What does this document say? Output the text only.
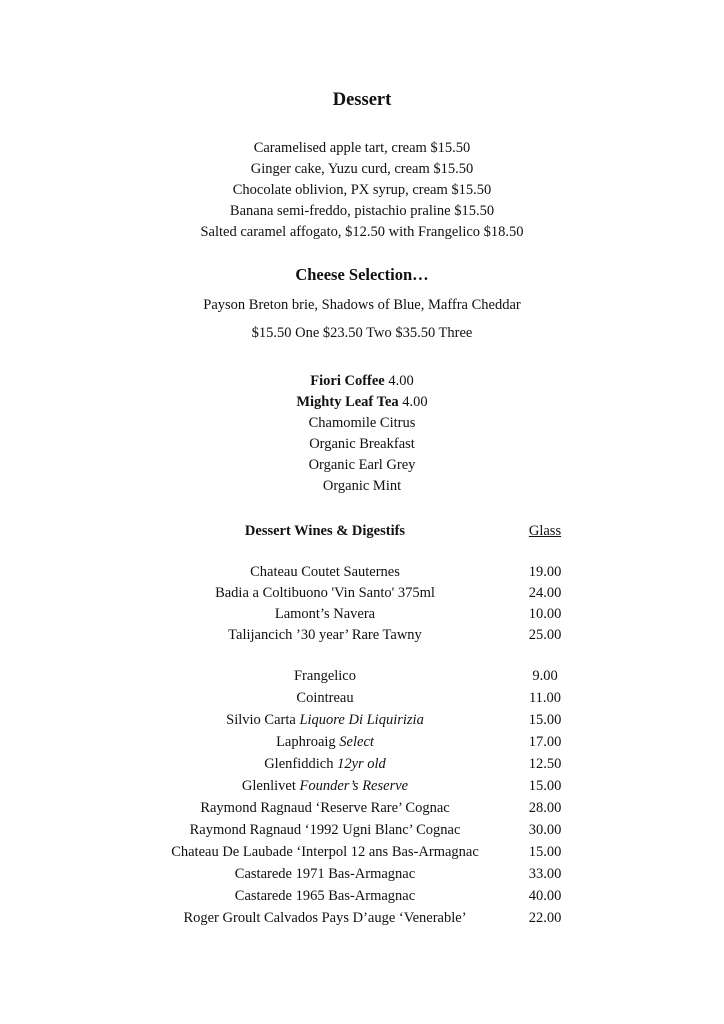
Dessert
Caramelised apple tart, cream $15.50
Ginger cake, Yuzu curd, cream $15.50
Chocolate oblivion, PX syrup, cream $15.50
Banana semi-freddo, pistachio praline $15.50
Salted caramel affogato, $12.50 with Frangelico $18.50
Cheese Selection…
Payson Breton brie, Shadows of Blue, Maffra Cheddar
$15.50 One $23.50 Two $35.50 Three
Fiori Coffee 4.00
Mighty Leaf Tea 4.00
Chamomile Citrus
Organic Breakfast
Organic Earl Grey
Organic Mint
Dessert Wines & Digestifs	Glass
Chateau Coutet Sauternes	19.00
Badia a Coltibuono 'Vin Santo' 375ml	24.00
Lamont’s Navera	10.00
Talijancich ’30 year’ Rare Tawny	25.00
Frangelico	9.00
Cointreau	11.00
Silvio Carta Liquore Di Liquirizia	15.00
Laphroaig Select	17.00
Glenfiddich 12yr old	12.50
Glenlivet Founder’s Reserve	15.00
Raymond Ragnaud ‘Reserve Rare’ Cognac	28.00
Raymond Ragnaud ‘1992 Ugni Blanc’ Cognac	30.00
Chateau De Laubade ‘Interpol 12 ans Bas-Armagnac	15.00
Castarede 1971 Bas-Armagnac	33.00
Castarede 1965 Bas-Armagnac	40.00
Roger Groult Calvados Pays D’auge ‘Venerable’	22.00
